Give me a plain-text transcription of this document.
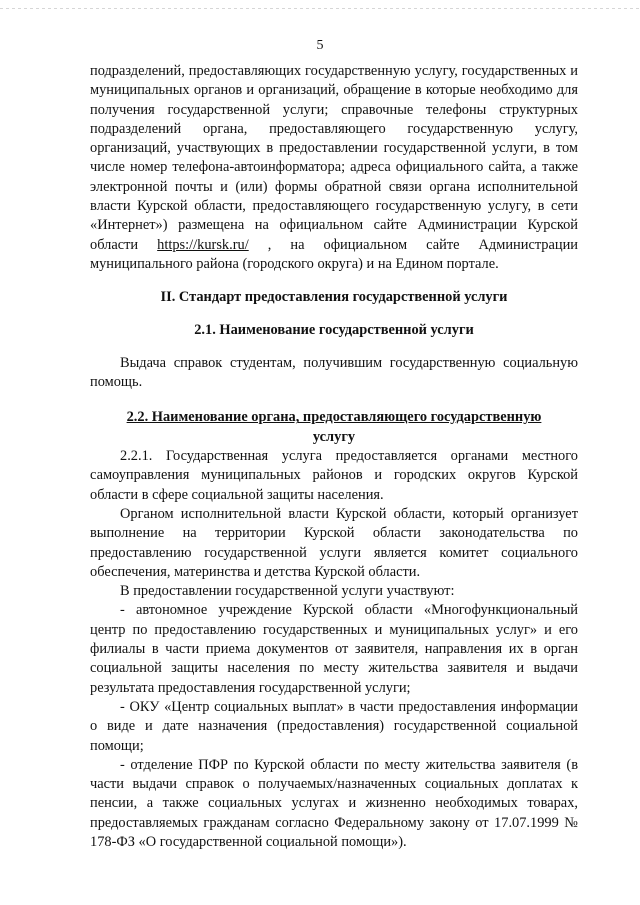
5

подразделений, предоставляющих государственную услугу, государственных и муниципальных органов и организаций, обращение в которые необходимо для получения государственной услуги; справочные телефоны структурных подразделений органа, предоставляющего государственную услугу, организаций, участвующих в предоставлении государственной услуги, в том числе номер телефона-автоинформатора; адреса официального сайта, а также электронной почты и (или) формы обратной связи органа исполнительной власти Курской области, предоставляющего государственную услугу, в сети «Интернет») размещена на официальном сайте Администрации Курской области https://kursk.ru/ , на официальном сайте Администрации муниципального района (городского округа) и на Едином портале.

II. Стандарт предоставления государственной услуги

2.1. Наименование государственной услуги

Выдача справок студентам, получившим государственную социальную помощь.

2.2. Наименование органа, предоставляющего государственную
услугу

2.2.1. Государственная услуга предоставляется органами местного самоуправления муниципальных районов и городских округов Курской области в сфере социальной защиты населения.

Органом исполнительной власти Курской области, который организует выполнение на территории Курской области законодательства по предоставлению государственной услуги является комитет социального обеспечения, материнства и детства Курской области.

В предоставлении государственной услуги участвуют:

- автономное учреждение Курской области «Многофункциональный центр по предоставлению государственных и муниципальных услуг» и его филиалы в части приема документов от заявителя, направления их в орган социальной защиты населения по месту жительства заявителя и выдачи результата предоставления государственной услуги;

- ОКУ «Центр социальных выплат» в части предоставления информации о виде и дате назначения (предоставления) государственной социальной помощи;

- отделение ПФР по Курской области по месту жительства заявителя (в части выдачи справок о получаемых/назначенных социальных доплатах к пенсии, а также социальных услугах и жизненно необходимых товарах, предоставляемых гражданам согласно Федеральному закону от 17.07.1999 № 178-ФЗ «О государственной социальной помощи»).
